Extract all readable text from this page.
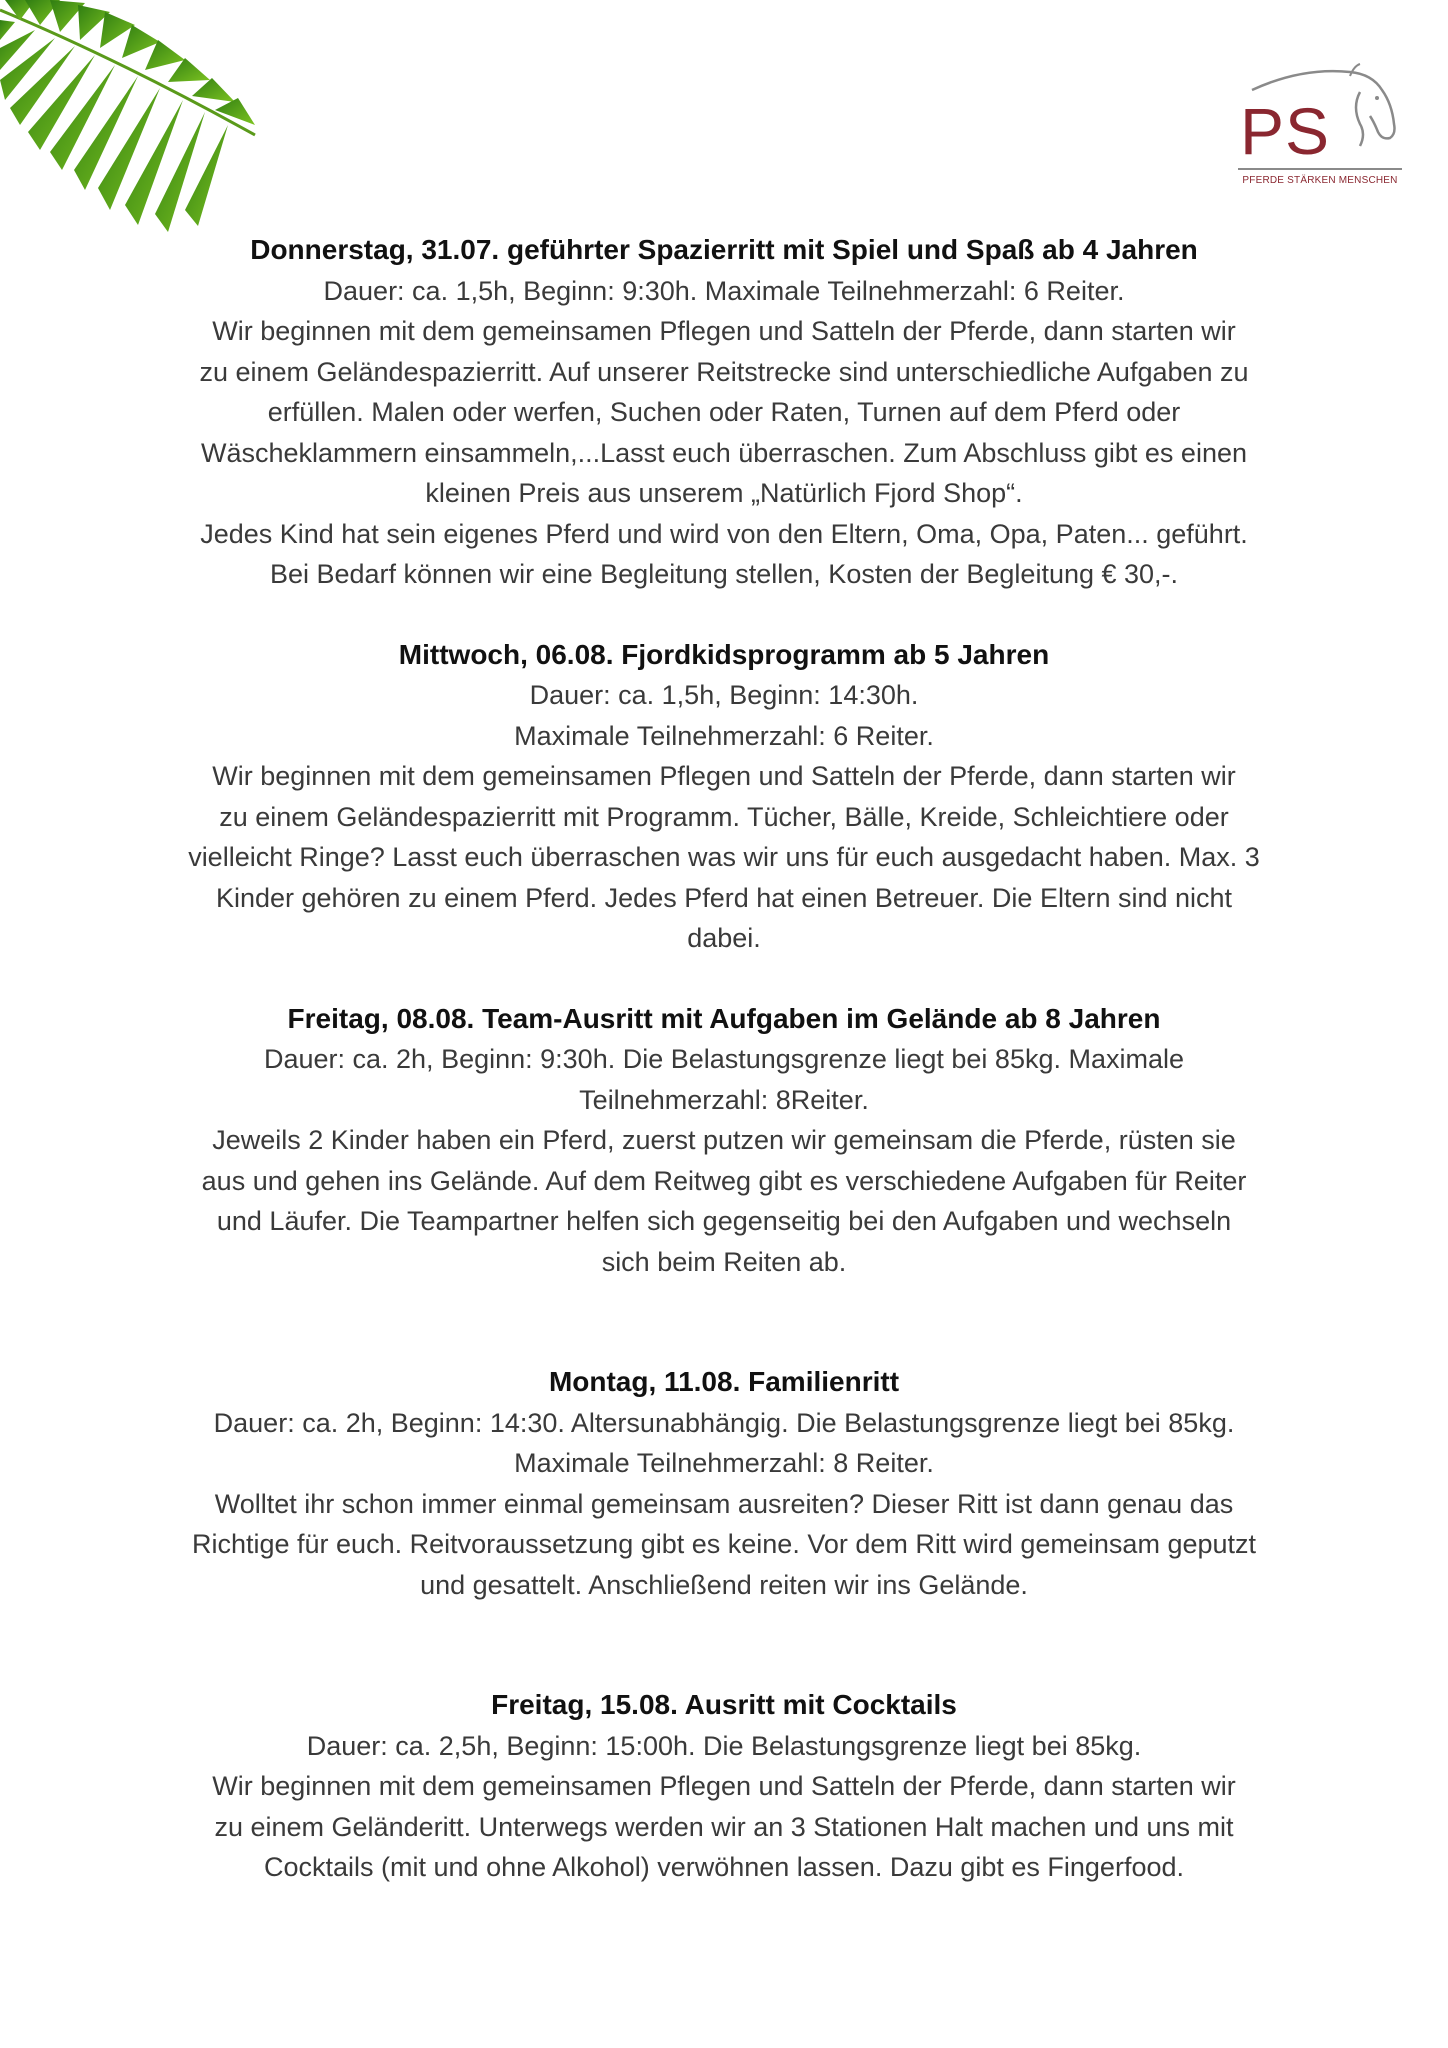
PS
PFERDE STÄRKEN MENSCHEN
Donnerstag, 31.07. geführter Spazierritt mit Spiel und Spaß ab 4 Jahren

Dauer: ca. 1,5h, Beginn: 9:30h. Maximale Teilnehmerzahl: 6 Reiter.

Wir beginnen mit dem gemeinsamen Pflegen und Satteln der Pferde, dann starten wir

zu einem Geländespazierritt. Auf unserer Reitstrecke sind unterschiedliche Aufgaben zu

erfüllen. Malen oder werfen, Suchen oder Raten, Turnen auf dem Pferd oder

Wäscheklammern einsammeln,...Lasst euch überraschen. Zum Abschluss gibt es einen

kleinen Preis aus unserem „Natürlich Fjord Shop“.

Jedes Kind hat sein eigenes Pferd und wird von den Eltern, Oma, Opa, Paten... geführt.

Bei Bedarf können wir eine Begleitung stellen, Kosten der Begleitung € 30,-.

Mittwoch, 06.08. Fjordkidsprogramm ab 5 Jahren

Dauer: ca. 1,5h, Beginn: 14:30h.

Maximale Teilnehmerzahl: 6 Reiter.

Wir beginnen mit dem gemeinsamen Pflegen und Satteln der Pferde, dann starten wir

zu einem Geländespazierritt mit Programm. Tücher, Bälle, Kreide, Schleichtiere oder

vielleicht Ringe? Lasst euch überraschen was wir uns für euch ausgedacht haben. Max. 3

Kinder gehören zu einem Pferd. Jedes Pferd hat einen Betreuer. Die Eltern sind nicht

dabei.

Freitag, 08.08. Team-Ausritt mit Aufgaben im Gelände ab 8 Jahren

Dauer: ca. 2h, Beginn: 9:30h. Die Belastungsgrenze liegt bei 85kg. Maximale

Teilnehmerzahl: 8Reiter.

Jeweils 2 Kinder haben ein Pferd, zuerst putzen wir gemeinsam die Pferde, rüsten sie

aus und gehen ins Gelände. Auf dem Reitweg gibt es verschiedene Aufgaben für Reiter

und Läufer. Die Teampartner helfen sich gegenseitig bei den Aufgaben und wechseln

sich beim Reiten ab.

Montag, 11.08. Familienritt

Dauer: ca. 2h, Beginn: 14:30. Altersunabhängig. Die Belastungsgrenze liegt bei 85kg.

Maximale Teilnehmerzahl: 8 Reiter.

Wolltet ihr schon immer einmal gemeinsam ausreiten? Dieser Ritt ist dann genau das

Richtige für euch. Reitvoraussetzung gibt es keine. Vor dem Ritt wird gemeinsam geputzt

und gesattelt. Anschließend reiten wir ins Gelände.

Freitag, 15.08. Ausritt mit Cocktails

Dauer: ca. 2,5h, Beginn: 15:00h. Die Belastungsgrenze liegt bei 85kg.

Wir beginnen mit dem gemeinsamen Pflegen und Satteln der Pferde, dann starten wir

zu einem Geländeritt. Unterwegs werden wir an 3 Stationen Halt machen und uns mit

Cocktails (mit und ohne Alkohol) verwöhnen lassen. Dazu gibt es Fingerfood.
